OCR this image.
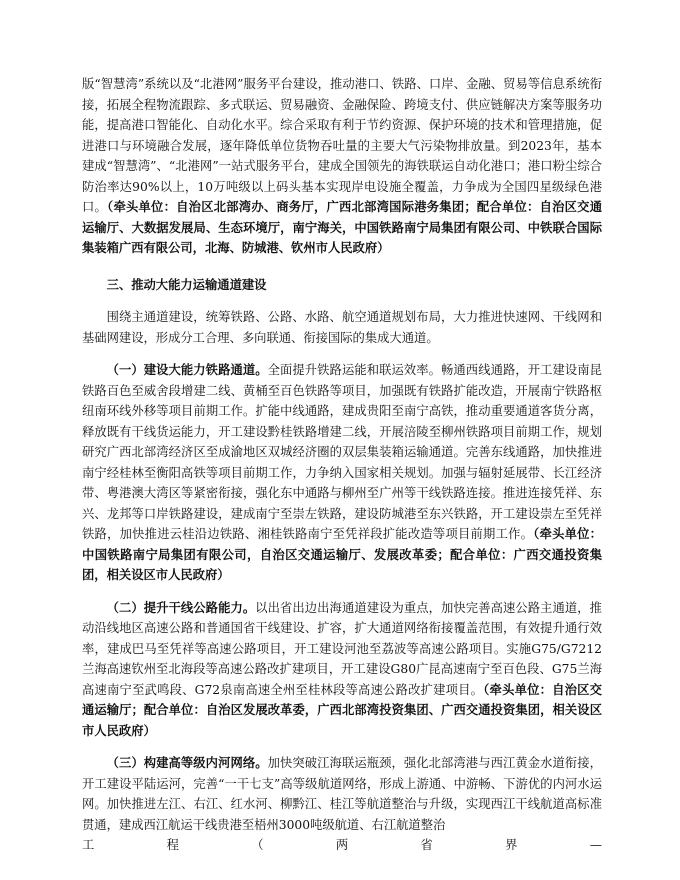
版“智慧湾”系统以及“北港网”服务平台建设，推动港口、铁路、口岸、金融、贸易等信息系统衔接，拓展全程物流跟踪、多式联运、贸易融资、金融保险、跨境支付、供应链解决方案等服务功能，提高港口智能化、自动化水平。综合采取有利于节约资源、保护环境的技术和管理措施，促进港口与环境融合发展，逐年降低单位货物吞吐量的主要大气污染物排放量。到2023年，基本建成“智慧湾”、“北港网”一站式服务平台，建成全国领先的海铁联运自动化港口；港口粉尘综合防治率达90%以上，10万吨级以上码头基本实现岸电设施全覆盖，力争成为全国四星级绿色港口。（牵头单位：自治区北部湾办、商务厅，广西北部湾国际港务集团；配合单位：自治区交通运输厅、大数据发展局、生态环境厅，南宁海关，中国铁路南宁局集团有限公司、中铁联合国际集装箱广西有限公司，北海、防城港、钦州市人民政府）

三、推动大能力运输通道建设

围绕主通道建设，统筹铁路、公路、水路、航空通道规划布局，大力推进快速网、干线网和基础网建设，形成分工合理、多向联通、衔接国际的集成大通道。

（一）建设大能力铁路通道。全面提升铁路运能和联运效率。畅通西线通路，开工建设南昆铁路百色至威舍段增建二线、黄桶至百色铁路等项目，加强既有铁路扩能改造，开展南宁铁路枢纽南环线外移等项目前期工作。扩能中线通路，建成贵阳至南宁高铁，推动重要通道客货分离，释放既有干线货运能力，开工建设黔桂铁路增建二线，开展涪陵至柳州铁路项目前期工作，规划研究广西北部湾经济区至成渝地区双城经济圈的双层集装箱运输通道。完善东线通路，加快推进南宁经桂林至衡阳高铁等项目前期工作，力争纳入国家相关规划。加强与辐射延展带、长江经济带、粤港澳大湾区等紧密衔接，强化东中通路与柳州至广州等干线铁路连接。推进连接凭祥、东兴、龙邦等口岸铁路建设，建成南宁至崇左铁路，建设防城港至东兴铁路，开工建设崇左至凭祥铁路，加快推进云桂沿边铁路、湘桂铁路南宁至凭祥段扩能改造等项目前期工作。（牵头单位：中国铁路南宁局集团有限公司，自治区交通运输厅、发展改革委；配合单位：广西交通投资集团，相关设区市人民政府）

（二）提升干线公路能力。以出省出边出海通道建设为重点，加快完善高速公路主通道，推动沿线地区高速公路和普通国省干线建设、扩容，扩大通道网络衔接覆盖范围，有效提升通行效率，建成巴马至凭祥等高速公路项目，开工建设河池至荔波等高速公路项目。实施G75/G7212兰海高速钦州至北海段等高速公路改扩建项目，开工建设G80广昆高速南宁至百色段、G75兰海高速南宁至武鸣段、G72泉南高速全州至桂林段等高速公路改扩建项目。（牵头单位：自治区交通运输厅；配合单位：自治区发展改革委，广西北部湾投资集团、广西交通投资集团，相关设区市人民政府）

（三）构建高等级内河网络。加快突破江海联运瓶颈，强化北部湾港与西江黄金水道衔接，开工建设平陆运河，完善“一干七支”高等级航道网络，形成上游通、中游畅、下游优的内河水运网。加快推进左江、右江、红水河、柳黔江、桂江等航道整治与升级，实现西江干线航道高标准贯通，建成西江航运干线贵港至梧州3000吨级航道、右江航道整治

工 程 （ 两 省 界 —
